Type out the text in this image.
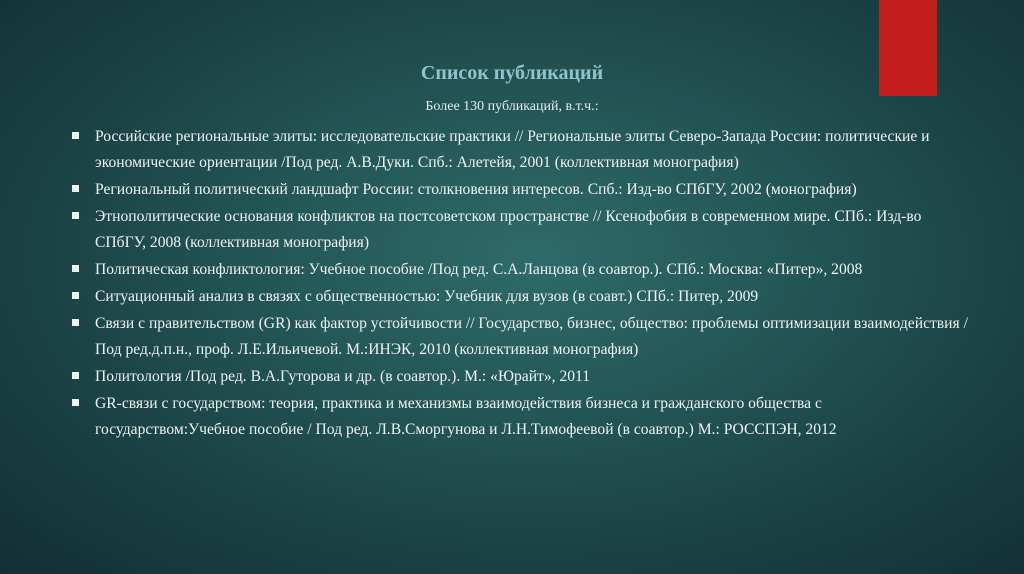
Список публикаций
Более 130 публикаций, в.т.ч.:
Российские региональные элиты: исследовательские практики // Региональные элиты Северо-Запада России: политические и экономические ориентации /Под ред. А.В.Дуки. Спб.: Алетейя, 2001 (коллективная монография)
Региональный политический ландшафт России: столкновения интересов. Спб.: Изд-во СПбГУ, 2002 (монография)
Этнополитические основания конфликтов на постсоветском пространстве // Ксенофобия в современном мире. СПб.: Изд-во СПбГУ, 2008 (коллективная монография)
Политическая конфликтология: Учебное пособие /Под ред. С.А.Ланцова (в соавтор.). СПб.: Москва: «Питер», 2008
Ситуационный анализ в связях с общественностью: Учебник для вузов (в соавт.) СПб.: Питер, 2009
Связи с правительством (GR) как фактор устойчивости // Государство, бизнес, общество: проблемы оптимизации взаимодействия / Под ред.д.п.н., проф. Л.Е.Ильичевой. М.:ИНЭК, 2010 (коллективная монография)
Политология /Под ред. В.А.Гуторова и др. (в соавтор.). М.: «Юрайт», 2011
GR-связи с государством: теория, практика и механизмы взаимодействия бизнеса и гражданского общества с государством:Учебное пособие / Под ред. Л.В.Сморгунова и Л.Н.Тимофеевой (в соавтор.) М.: РОССПЭН, 2012
